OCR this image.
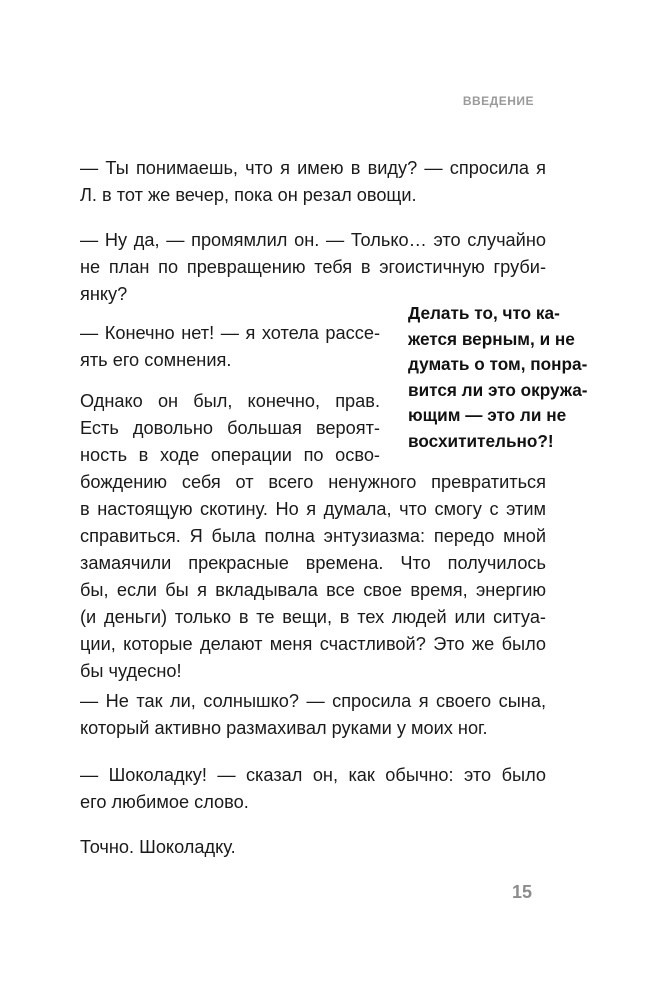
ВВЕДЕНИЕ
— Ты понимаешь, что я имею в виду? — спросила я
Л. в тот же вечер, пока он резал овощи.
— Ну да, — промямлил он. — Только… это случайно
не план по превращению тебя в эгоистичную груби-
янку?
— Конечно нет! — я хотела рассе-
ять его сомнения.
Однако он был, конечно, прав.
Есть довольно большая вероят-
ность в ходе операции по осво-
бождению себя от всего ненужного превратиться
в настоящую скотину. Но я думала, что смогу с этим
справиться. Я была полна энтузиазма: передо мной
замаячили прекрасные времена. Что получилось
бы, если бы я вкладывала все свое время, энергию
(и деньги) только в те вещи, в тех людей или ситуа-
ции, которые делают меня счастливой? Это же было
бы чудесно!
— Не так ли, солнышко? — спросила я своего сына,
который активно размахивал руками у моих ног.
— Шоколадку! — сказал он, как обычно: это было
его любимое слово.
Точно. Шоколадку.
Делать то, что ка-
жется верным, и не
думать о том, понра-
вится ли это окружа-
ющим — это ли не
восхитительно?!
15
